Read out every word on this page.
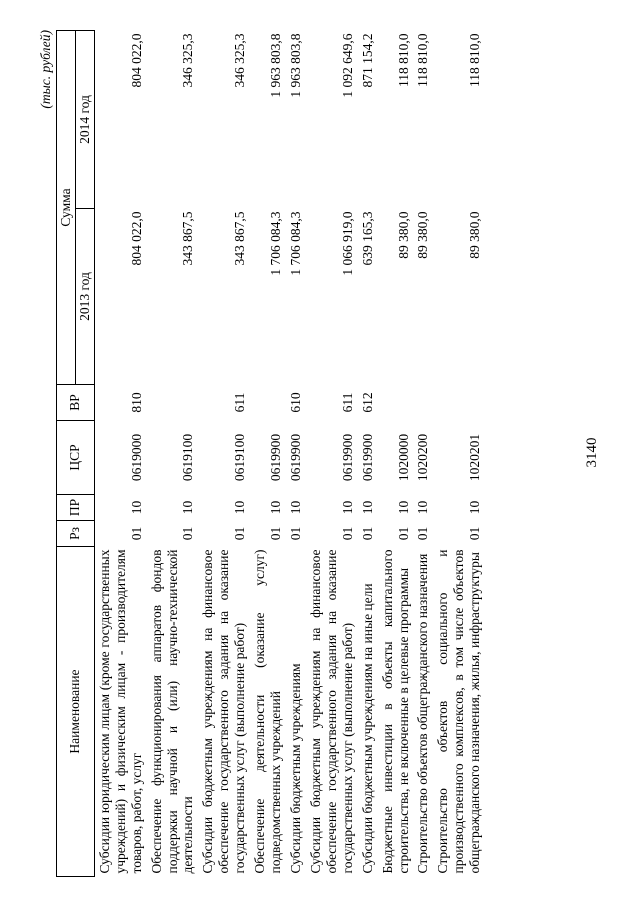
(тыс. рублей)
Наименование	Рз	ПР	ЦСР	ВР	Сумма	
					2013 год	2014 год
Субсидии юридическим лицам (кроме государственных учреждений) и физическим лицам - производителям товаров, работ, услуг	01	10	0619000	810	804 022,0	804 022,0
Обеспечение функционирования аппаратов фондов поддержки научной и (или) научно-технической деятельности	01	10	0619100		343 867,5	346 325,3
Субсидии бюджетным учреждениям на финансовое обеспечение государственного задания на оказание государственных услуг (выполнение работ)	01	10	0619100	611	343 867,5	346 325,3
Обеспечение деятельности (оказание услуг) подведомственных учреждений	01	10	0619900		1 706 084,3	1 963 803,8
Субсидии бюджетным учреждениям	01	10	0619900	610	1 706 084,3	1 963 803,8
Субсидии бюджетным учреждениям на финансовое обеспечение государственного задания на оказание государственных услуг (выполнение работ)	01	10	0619900	611	1 066 919,0	1 092 649,6
Субсидии бюджетным учреждениям на иные цели	01	10	0619900	612	639 165,3	871 154,2
Бюджетные инвестиции в объекты капитального строительства, не включенные в целевые программы	01	10	1020000		89 380,0	118 810,0
Строительство объектов общегражданского назначения	01	10	1020200		89 380,0	118 810,0
Строительство объектов социального и производственного комплексов, в том числе объектов общегражданского назначения, жилья, инфраструктуры	01	10	1020201		89 380,0	118 810,0
3140
